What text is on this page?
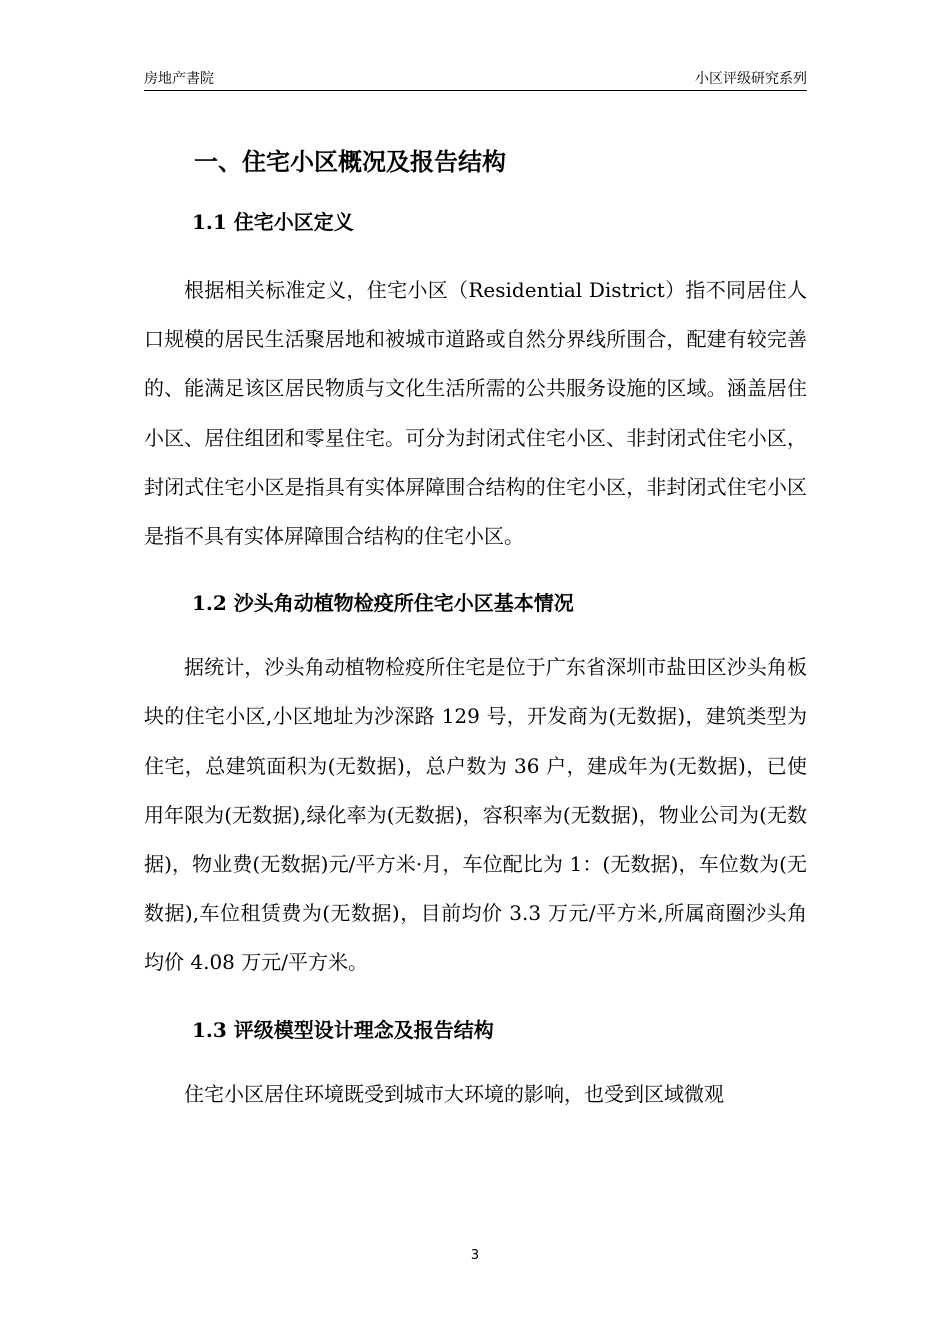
房地产書院	小区评级研究系列
一、住宅小区概况及报告结构
1.1 住宅小区定义

根据相关标准定义，住宅小区（Residential District）指不同居住人口规模的居民生活聚居地和被城市道路或自然分界线所围合，配建有较完善的、能满足该区居民物质与文化生活所需的公共服务设施的区域。涵盖居住小区、居住组团和零星住宅。可分为封闭式住宅小区、非封闭式住宅小区，封闭式住宅小区是指具有实体屏障围合结构的住宅小区，非封闭式住宅小区是指不具有实体屏障围合结构的住宅小区。

1.2 沙头角动植物检疫所住宅小区基本情况

据统计，沙头角动植物检疫所住宅是位于广东省深圳市盐田区沙头角板块的住宅小区,小区地址为沙深路 129 号，开发商为(无数据)，建筑类型为住宅，总建筑面积为(无数据)，总户数为 36 户，建成年为(无数据)，已使用年限为(无数据),绿化率为(无数据)，容积率为(无数据)，物业公司为(无数据)，物业费(无数据)元/平方米·月，车位配比为 1：(无数据)，车位数为(无数据),车位租赁费为(无数据)，目前均价 3.3 万元/平方米,所属商圈沙头角均价 4.08 万元/平方米。

1.3 评级模型设计理念及报告结构

住宅小区居住环境既受到城市大环境的影响，也受到区域微观

3
